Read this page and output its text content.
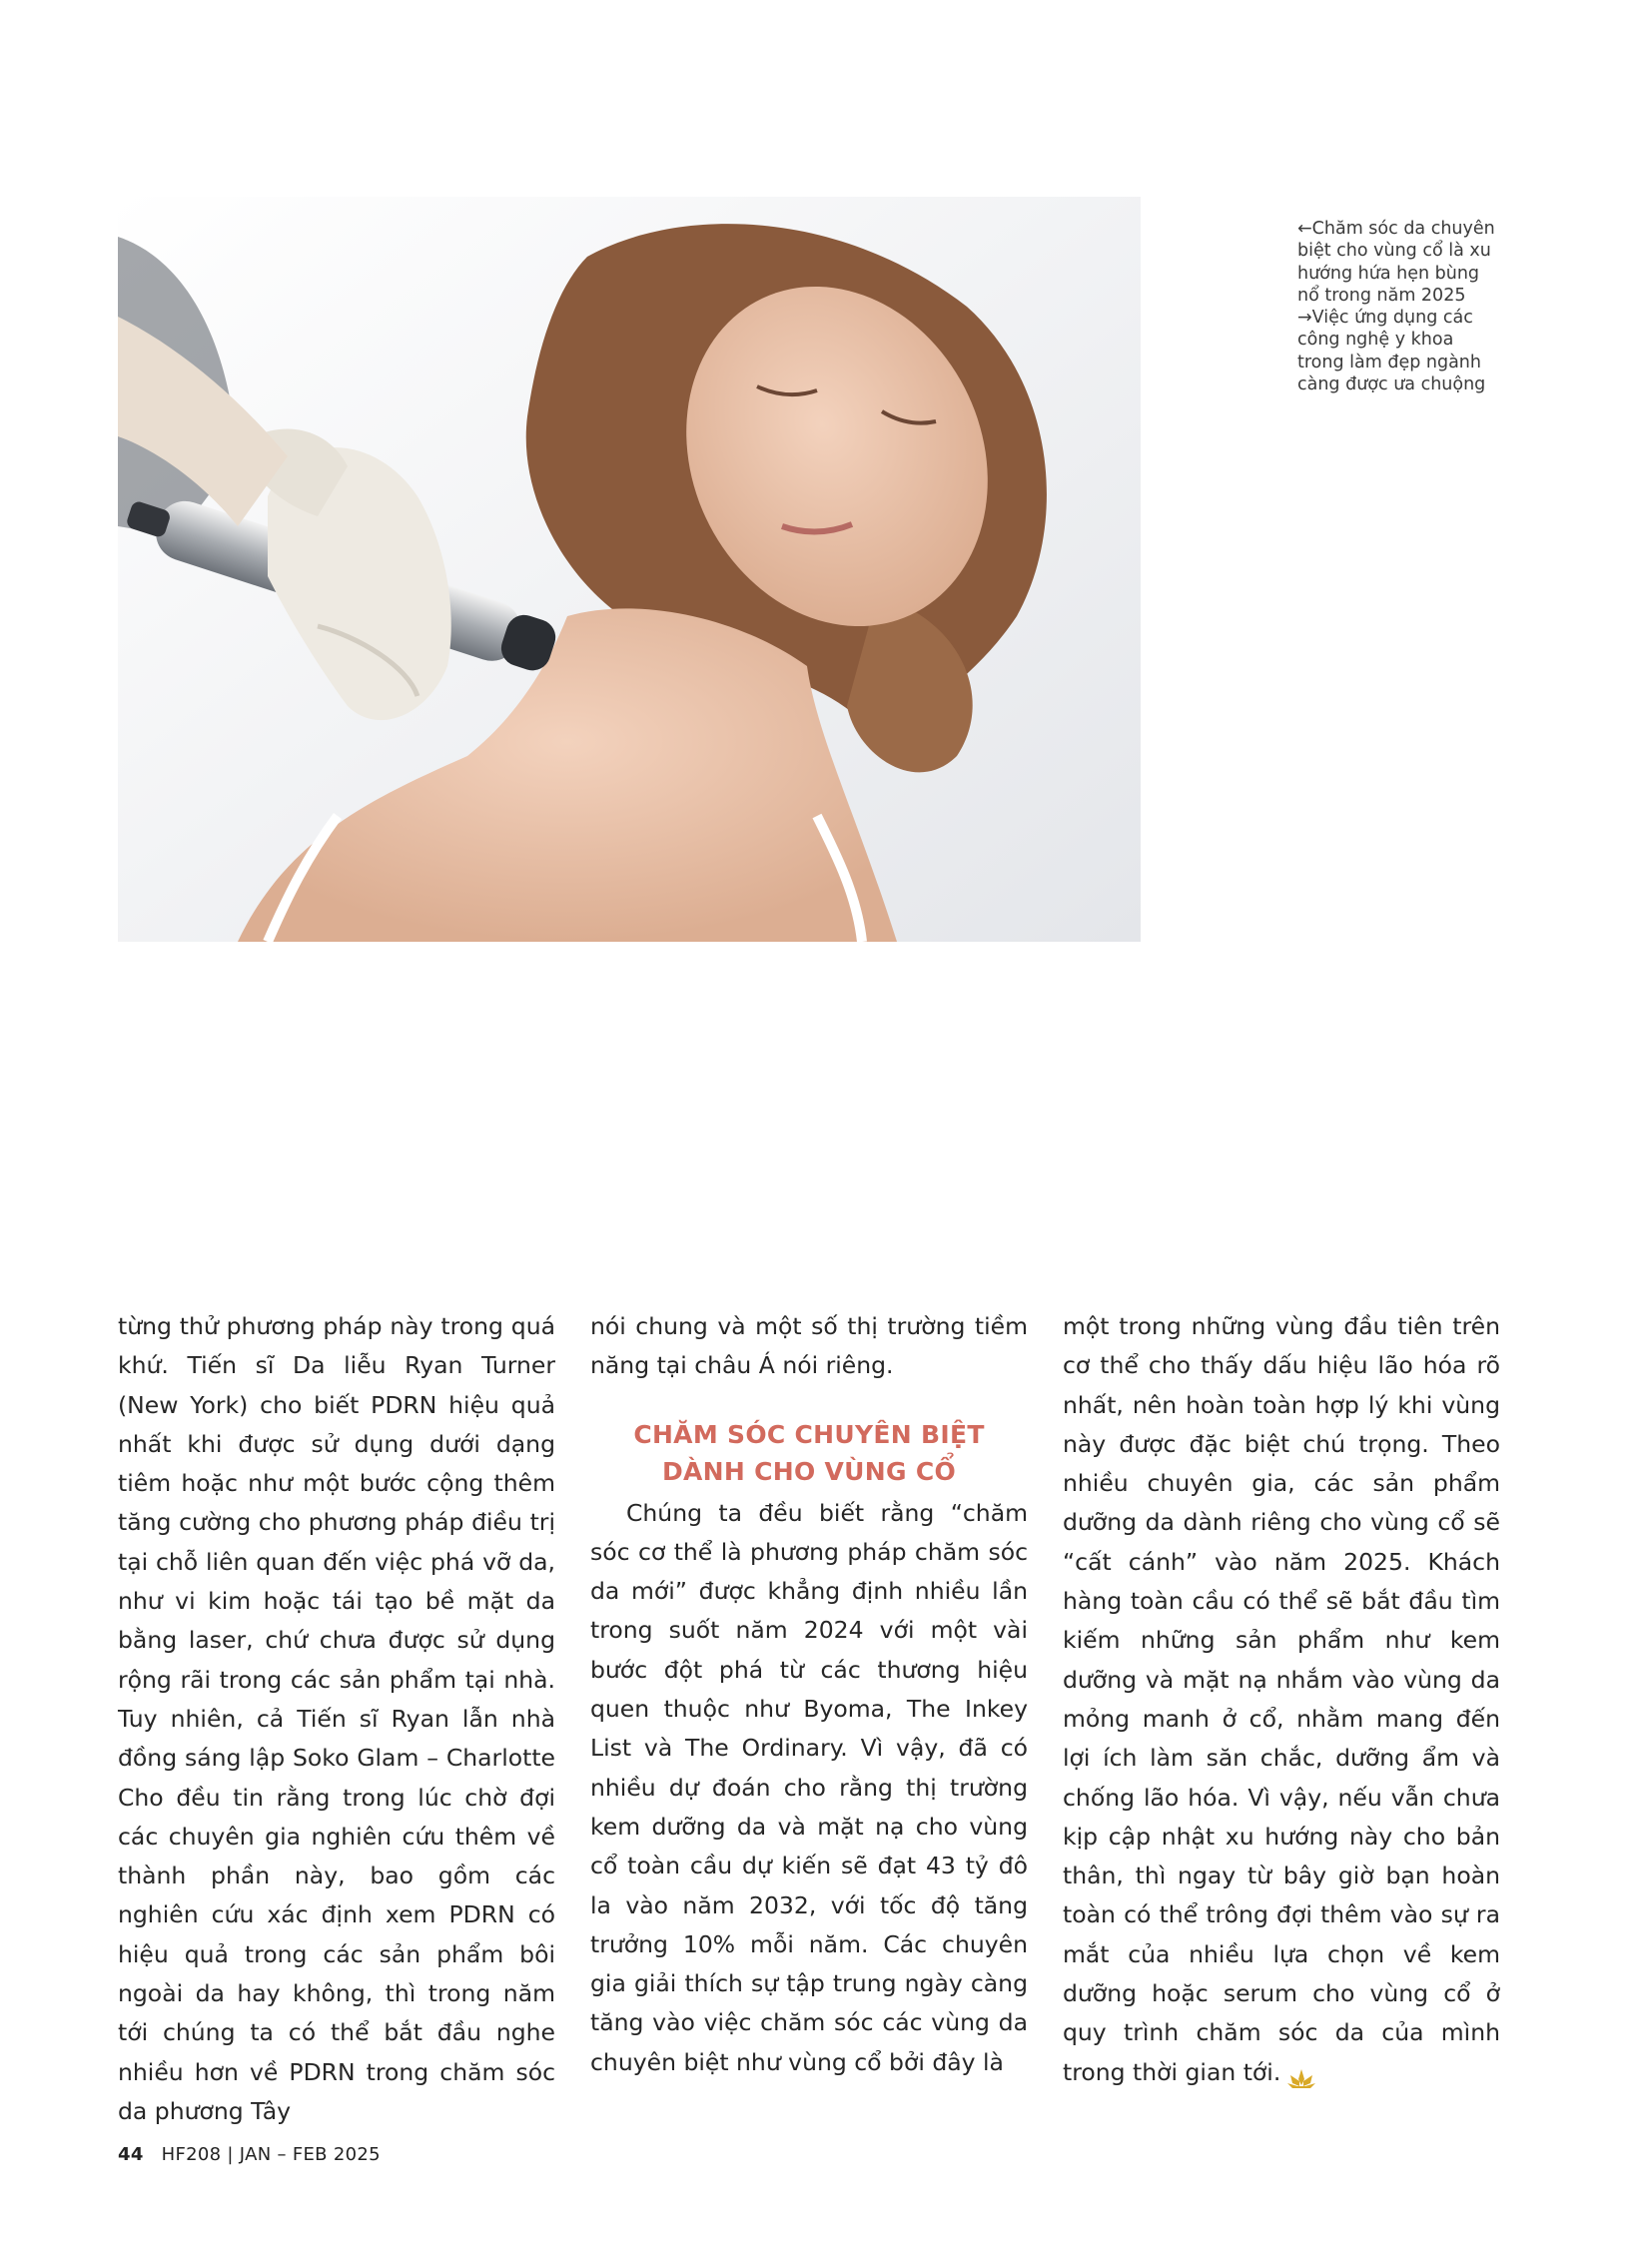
←Chăm sóc da chuyên biệt cho vùng cổ là xu hướng hứa hẹn bùng nổ trong năm 2025

→Việc ứng dụng các công nghệ y khoa trong làm đẹp ngành càng được ưa chuộng

từng thử phương pháp này trong quá khứ. Tiến sĩ Da liễu Ryan Turner (New York) cho biết PDRN hiệu quả nhất khi được sử dụng dưới dạng tiêm hoặc như một bước cộng thêm tăng cường cho phương pháp điều trị tại chỗ liên quan đến việc phá vỡ da, như vi kim hoặc tái tạo bề mặt da bằng laser, chứ chưa được sử dụng rộng rãi trong các sản phẩm tại nhà. Tuy nhiên, cả Tiến sĩ Ryan lẫn nhà đồng sáng lập Soko Glam – Charlotte Cho đều tin rằng trong lúc chờ đợi các chuyên gia nghiên cứu thêm về thành phần này, bao gồm các nghiên cứu xác định xem PDRN có hiệu quả trong các sản phẩm bôi ngoài da hay không, thì trong năm tới chúng ta có thể bắt đầu nghe nhiều hơn về PDRN trong chăm sóc da phương Tây

nói chung và một số thị trường tiềm năng tại châu Á nói riêng.

CHĂM SÓC CHUYÊN BIỆT
DÀNH CHO VÙNG CỔ

Chúng ta đều biết rằng “chăm sóc cơ thể là phương pháp chăm sóc da mới” được khẳng định nhiều lần trong suốt năm 2024 với một vài bước đột phá từ các thương hiệu quen thuộc như Byoma, The Inkey List và The Ordinary. Vì vậy, đã có nhiều dự đoán cho rằng thị trường kem dưỡng da và mặt nạ cho vùng cổ toàn cầu dự kiến sẽ đạt 43 tỷ đô la vào năm 2032, với tốc độ tăng trưởng 10% mỗi năm. Các chuyên gia giải thích sự tập trung ngày càng tăng vào việc chăm sóc các vùng da chuyên biệt như vùng cổ bởi đây là

một trong những vùng đầu tiên trên cơ thể cho thấy dấu hiệu lão hóa rõ nhất, nên hoàn toàn hợp lý khi vùng này được đặc biệt chú trọng. Theo nhiều chuyên gia, các sản phẩm dưỡng da dành riêng cho vùng cổ sẽ “cất cánh” vào năm 2025. Khách hàng toàn cầu có thể sẽ bắt đầu tìm kiếm những sản phẩm như kem dưỡng và mặt nạ nhắm vào vùng da mỏng manh ở cổ, nhằm mang đến lợi ích làm săn chắc, dưỡng ẩm và chống lão hóa. Vì vậy, nếu vẫn chưa kịp cập nhật xu hướng này cho bản thân, thì ngay từ bây giờ bạn hoàn toàn có thể trông đợi thêm vào sự ra mắt của nhiều lựa chọn về kem dưỡng hoặc serum cho vùng cổ ở quy trình chăm sóc da của mình trong thời gian tới.

44 HF208 | JAN – FEB 2025
